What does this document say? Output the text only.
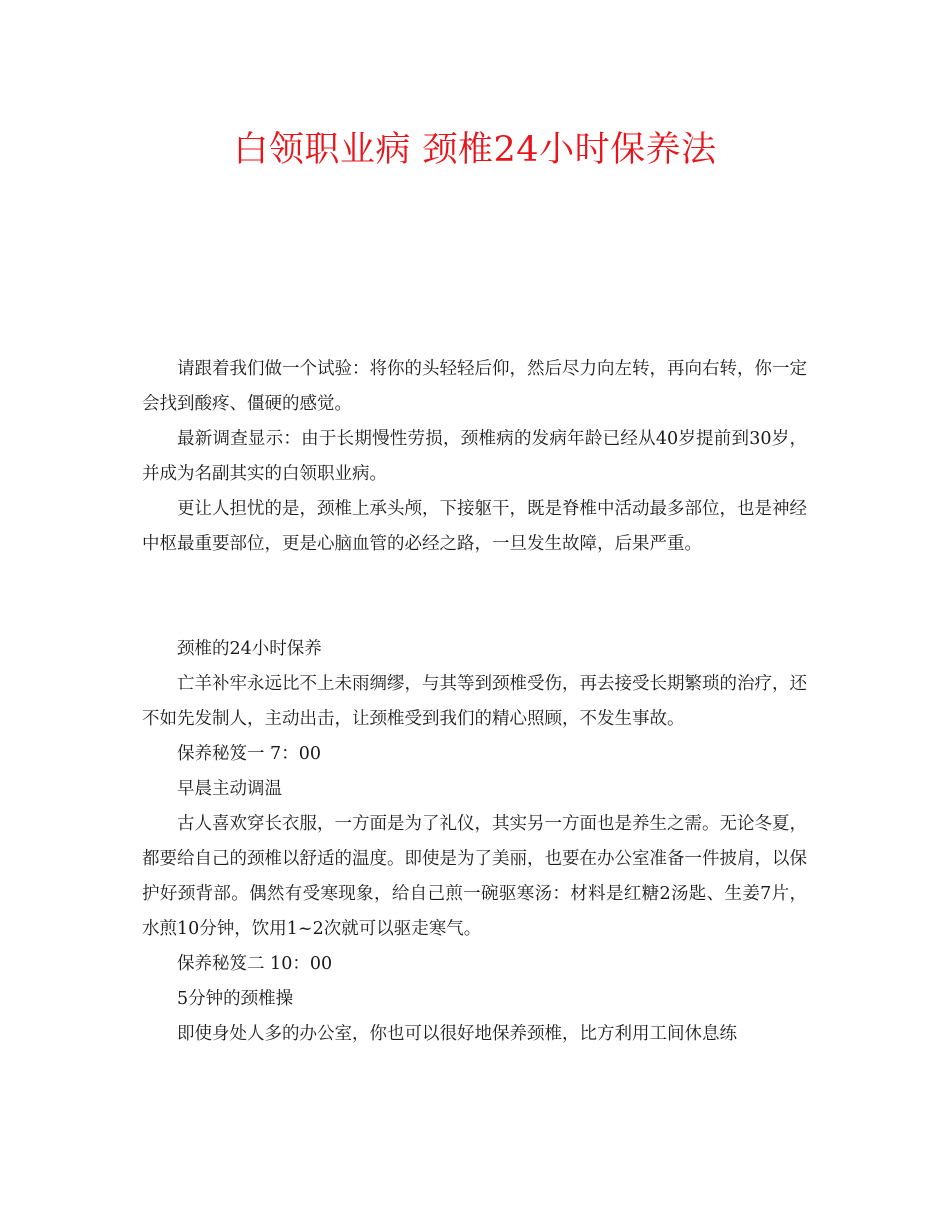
白领职业病 颈椎24小时保养法

请跟着我们做一个试验：将你的头轻轻后仰，然后尽力向左转，再向右转，你一定会找到酸疼、僵硬的感觉。

最新调查显示：由于长期慢性劳损，颈椎病的发病年龄已经从40岁提前到30岁，并成为名副其实的白领职业病。

更让人担忧的是，颈椎上承头颅，下接躯干，既是脊椎中活动最多部位，也是神经中枢最重要部位，更是心脑血管的必经之路，一旦发生故障，后果严重。

颈椎的24小时保养

亡羊补牢永远比不上未雨绸缪，与其等到颈椎受伤，再去接受长期繁琐的治疗，还不如先发制人，主动出击，让颈椎受到我们的精心照顾，不发生事故。

保养秘笈一 7：00

早晨主动调温

古人喜欢穿长衣服，一方面是为了礼仪，其实另一方面也是养生之需。无论冬夏，都要给自己的颈椎以舒适的温度。即使是为了美丽，也要在办公室准备一件披肩，以保护好颈背部。偶然有受寒现象，给自己煎一碗驱寒汤：材料是红糖2汤匙、生姜7片，水煎10分钟，饮用1~2次就可以驱走寒气。

保养秘笈二 10：00

5分钟的颈椎操

即使身处人多的办公室，你也可以很好地保养颈椎，比方利用工间休息练
